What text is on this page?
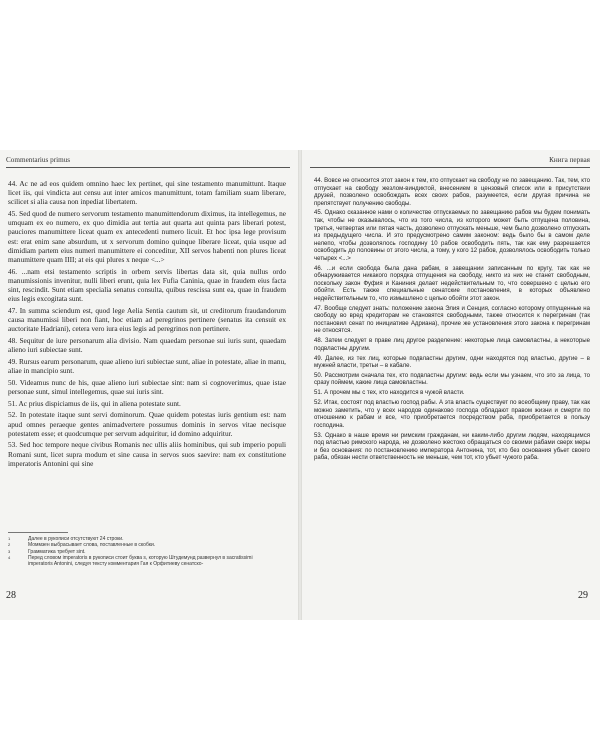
Commentarius primus

44. Ac ne ad eos quidem omnino haec lex pertinet, qui sine testamento manumittunt. Itaque licet iis, qui vindicta aut censu aut inter amicos manumittunt, totam familiam suam liberare, scilicet si alia causa non inpediat libertatem.

45. Sed quod de numero servorum testamento manumittendorum diximus, ita intellegemus, ne umquam ex eo numero, ex quo dimidia aut tertia aut quarta aut quinta pars liberari potest, pauciores manumittere liceat quam ex antecedenti numero licuit. Et hoc ipsa lege provisum est: erat enim sane absurdum, ut x servorum domino quinque liberare liceat, quia usque ad dimidiam partem eius numeri manumittere ei conceditur, XII servos habenti non plures liceat manumittere quam IIII; at eis qui plures x neque <...>

46. ...nam etsi testamento scriptis in orbem servis libertas data sit, quia nullus ordo manumissionis invenitur, nulli liberi erunt, quia lex Fufia Caninia, quae in fraudem eius facta sint, rescindit. Sunt etiam specialia senatus consulta, quibus rescissa sunt ea, quae in fraudem eius legis excogitata sunt.

47. In summa sciendum est, quod lege Aelia Sentia cautum sit, ut creditorum fraudandorum causa manumissi liberi non fiant, hoc etiam ad peregrinos pertinere (senatus ita censuit ex auctoritate Hadriani), cetera vero iura eius legis ad peregrinos non pertinere.

48. Sequitur de iure personarum alia divisio. Nam quaedam personae sui iuris sunt, quaedam alieno iuri subiectae sunt.

49. Rursus earum personarum, quae alieno iuri subiectae sunt, aliae in potestate, aliae in manu, aliae in mancipio sunt.

50. Videamus nunc de his, quae alieno iuri subiectae sint: nam si cognoverimus, quae istae personae sunt, simul intellegemus, quae sui iuris sint.

51. Ac prius dispiciamus de iis, qui in aliena potestate sunt.

52. In potestate itaque sunt servi dominorum. Quae quidem potestas iuris gentium est: nam apud omnes peraeque gentes animadvertere possumus dominis in servos vitae necisque potestatem esse; et quodcumque per servum adquiritur, id domino adquiritur.

53. Sed hoc tempore neque civibus Romanis nec ullis aliis hominibus, qui sub imperio populi Romani sunt, licet supra modum et sine causa in servos suos saevire: nam ex constitutione imperatoris Antonini qui sine

1	Далее в рукописи отсутствуют 24 строки.
2	Моммзен выбрасывает слова, поставленные в скобки.
3	Грамматика требует sint.
4	Перед словом imperatoris в рукописи стоит буква s, которую Штудемунд развернул в sacratissimi imperatoris Antonini, следуя тексту комментария Гая к Орфитиеву сенатско-
28
Книга первая

44. Вовсе не относится этот закон к тем, кто отпускает на свободу не по завещанию. Так, тем, кто отпускает на свободу жезлом-виндиктой, внесением в цензовый список или в присутствии друзей, позволено освобождать всех своих рабов, разумеется, если другая причина не препятствует получению свободы.

45. Однако сказанное нами о количестве отпускаемых по завещанию рабов мы будем понимать так, чтобы не оказывалось, что из того числа, из которого может быть отпущена половина, третья, четвертая или пятая часть, дозволено отпускать меньше, чем было дозволено отпускать из предыдущего числа. И это предусмотрено самим законом: ведь было бы в самом деле нелепо, чтобы дозволялось господину 10 рабов освободить пять, так как ему разрешается освободить до половины от этого числа, а тому, у кого 12 рабов, дозволялось освободить только четырех <...>

46. ...и если свобода была дана рабам, в завещании записанным по кругу, так как не обнаруживается никакого порядка отпущения на свободу, никто из них не станет свободным, поскольку закон Фуфия и Каниния делает недействительным то, что совершено с целью его обойти. Есть также специальные сенатские постановления, в которых объявлено недействительным то, что измышлено с целью обойти этот закон.

47. Вообще следует знать: положение закона Элия и Сенция, согласно которому отпущенные на свободу во вред кредиторам не становятся свободными, также относится к перегринам (так постановил сенат по инициативе Адриана), прочие же установления этого закона к перегринам не относятся.

48. Затем следует в праве лиц другое разделение: некоторые лица самовластны, а некоторые подвластны другим.

49. Далее, из тех лиц, которые подвластны другим, одни находятся под властью, другие – в мужней власти, третьи – в кабале.

50. Рассмотрим сначала тех, кто подвластны другим: ведь если мы узнаем, что это за лица, то сразу поймем, какие лица самовластны.

51. А прочем мы с тех, кто находится в чужой власти.

52. Итак, состоят под властью господ рабы. А эта власть существует по всеобщему праву, так как можно заметить, что у всех народов одинаково господа обладают правом жизни и смерти по отношению к рабам и все, что приобретается посредством раба, приобретается в пользу господина.

53. Однако в наше время ни римским гражданам, ни каким-либо другим людям, находящимся под властью римского народа, не дозволено жестоко обращаться со своими рабами сверх меры и без основания: по постановлению императора Антонина, тот, кто без основания убьет своего раба, обязан нести ответственность не меньше, чем тот, кто убьет чужого раба.

29
